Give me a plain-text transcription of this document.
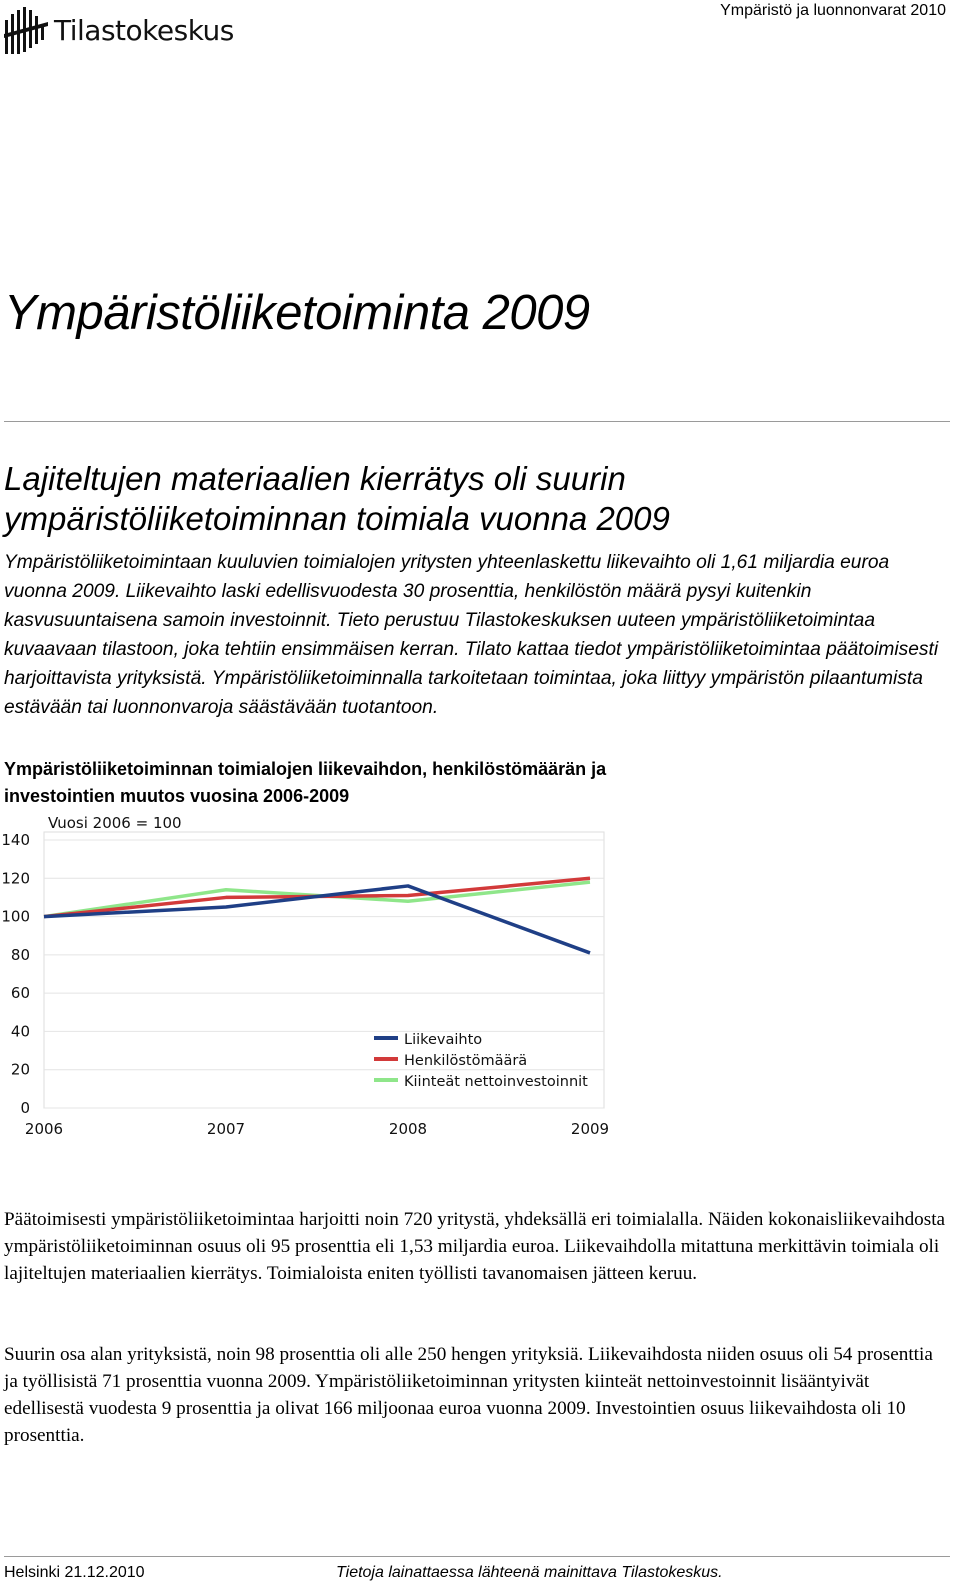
Tilastokeskus
Ympäristö ja luonnonvarat 2010
Ympäristöliiketoiminta 2009
Lajiteltujen materiaalien kierrätys oli suurin ympäristöliiketoiminnan toimiala vuonna 2009

Ympäristöliiketoimintaan kuuluvien toimialojen yritysten yhteenlaskettu liikevaihto oli 1,61 miljardia euroa vuonna 2009. Liikevaihto laski edellisvuodesta 30 prosenttia, henkilöstön määrä pysyi kuitenkin kasvusuuntaisena samoin investoinnit. Tieto perustuu Tilastokeskuksen uuteen ympäristöliiketoimintaa kuvaavaan tilastoon, joka tehtiin ensimmäisen kerran. Tilato kattaa tiedot ympäristöliiketoimintaa päätoimisesti harjoittavista yrityksistä. Ympäristöliiketoiminnalla tarkoitetaan toimintaa, joka liittyy ympäristön pilaantumista estävään tai luonnonvaroja säästävään tuotantoon.

Ympäristöliiketoiminnan toimialojen liikevaihdon, henkilöstömäärän ja investointien muutos vuosina 2006-2009
0
20
40
60
80
100
120
140
2006	2007	2008	2009
Vuosi 2006 = 100
Liikevaihto
Henkilöstömäärä
Kiinteät nettoinvestoinnit

Päätoimisesti ympäristöliiketoimintaa harjoitti noin 720 yritystä, yhdeksällä eri toimialalla. Näiden kokonaisliikevaihdosta ympäristöliiketoiminnan osuus oli 95 prosenttia eli 1,53 miljardia euroa. Liikevaihdolla mitattuna merkittävin toimiala oli lajiteltujen materiaalien kierrätys. Toimialoista eniten työllisti tavanomaisen jätteen keruu.

Suurin osa alan yrityksistä, noin 98 prosenttia oli alle 250 hengen yrityksiä. Liikevaihdosta niiden osuus oli 54 prosenttia ja työllisistä 71 prosenttia vuonna 2009. Ympäristöliiketoiminnan yritysten kiinteät nettoinvestoinnit lisääntyivät edellisestä vuodesta 9 prosenttia ja olivat 166 miljoonaa euroa vuonna 2009. Investointien osuus liikevaihdosta oli 10 prosenttia.

Helsinki 21.12.2010	Tietoja lainattaessa lähteenä mainittava Tilastokeskus.
